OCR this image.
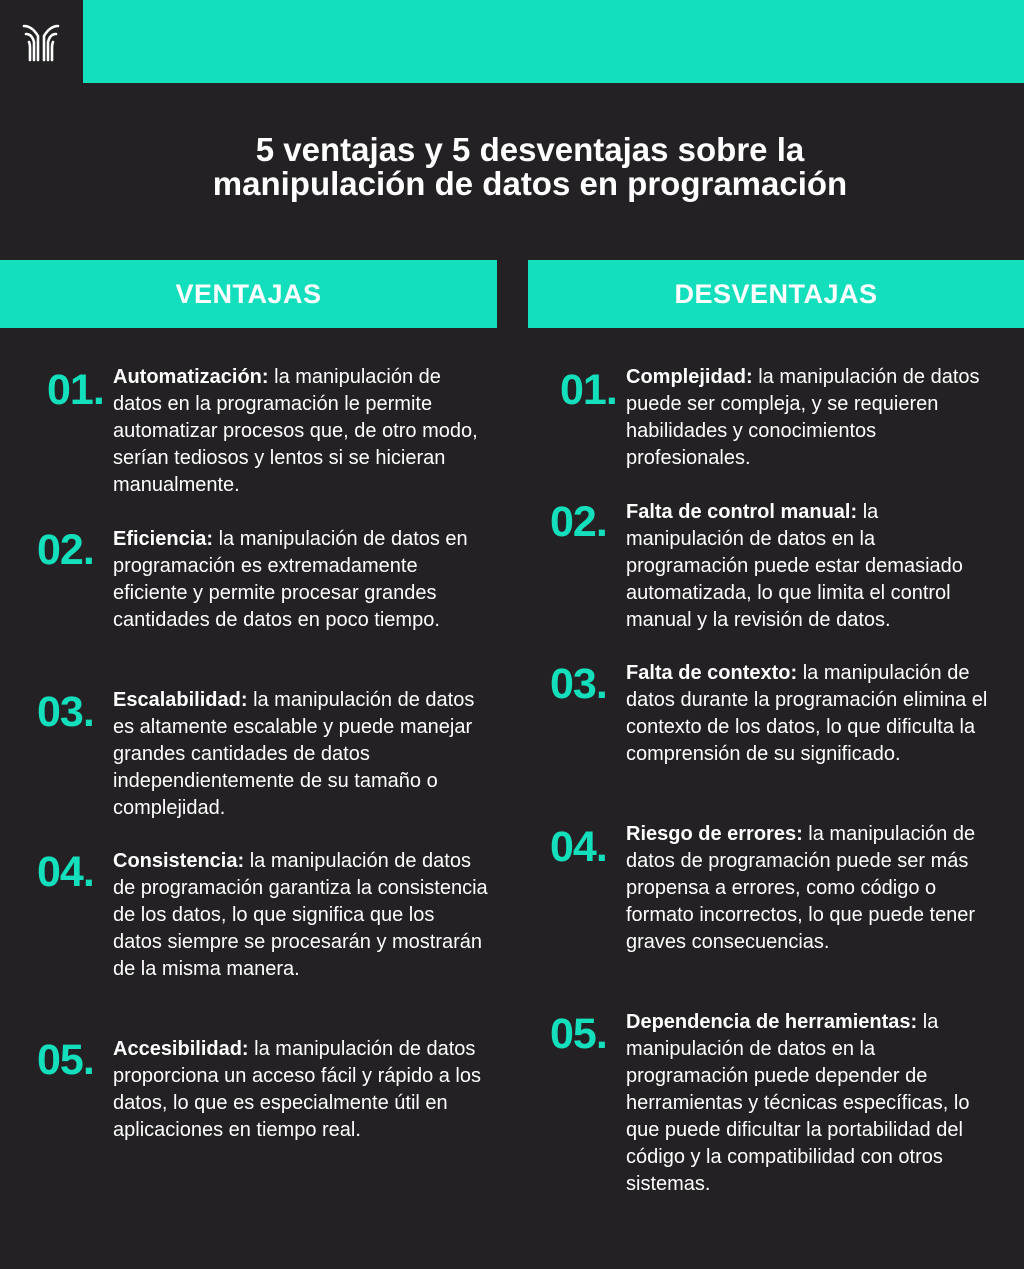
5 ventajas y 5 desventajas sobre la
manipulación de datos en programación
VENTAJAS	DESVENTAJAS
01. Automatización: la manipulación de datos en la programación le permite automatizar procesos que, de otro modo, serían tediosos y lentos si se hicieran manualmente.
02. Eficiencia: la manipulación de datos en programación es extremadamente eficiente y permite procesar grandes cantidades de datos en poco tiempo.
03. Escalabilidad: la manipulación de datos es altamente escalable y puede manejar grandes cantidades de datos independientemente de su tamaño o complejidad.
04. Consistencia: la manipulación de datos de programación garantiza la consistencia de los datos, lo que significa que los datos siempre se procesarán y mostrarán de la misma manera.
05. Accesibilidad: la manipulación de datos proporciona un acceso fácil y rápido a los datos, lo que es especialmente útil en aplicaciones en tiempo real.
01. Complejidad: la manipulación de datos puede ser compleja, y se requieren habilidades y conocimientos profesionales.
02. Falta de control manual: la manipulación de datos en la programación puede estar demasiado automatizada, lo que limita el control manual y la revisión de datos.
03. Falta de contexto: la manipulación de datos durante la programación elimina el contexto de los datos, lo que dificulta la comprensión de su significado.
04. Riesgo de errores: la manipulación de datos de programación puede ser más propensa a errores, como código o formato incorrectos, lo que puede tener graves consecuencias.
05. Dependencia de herramientas: la manipulación de datos en la programación puede depender de herramientas y técnicas específicas, lo que puede dificultar la portabilidad del código y la compatibilidad con otros sistemas.
